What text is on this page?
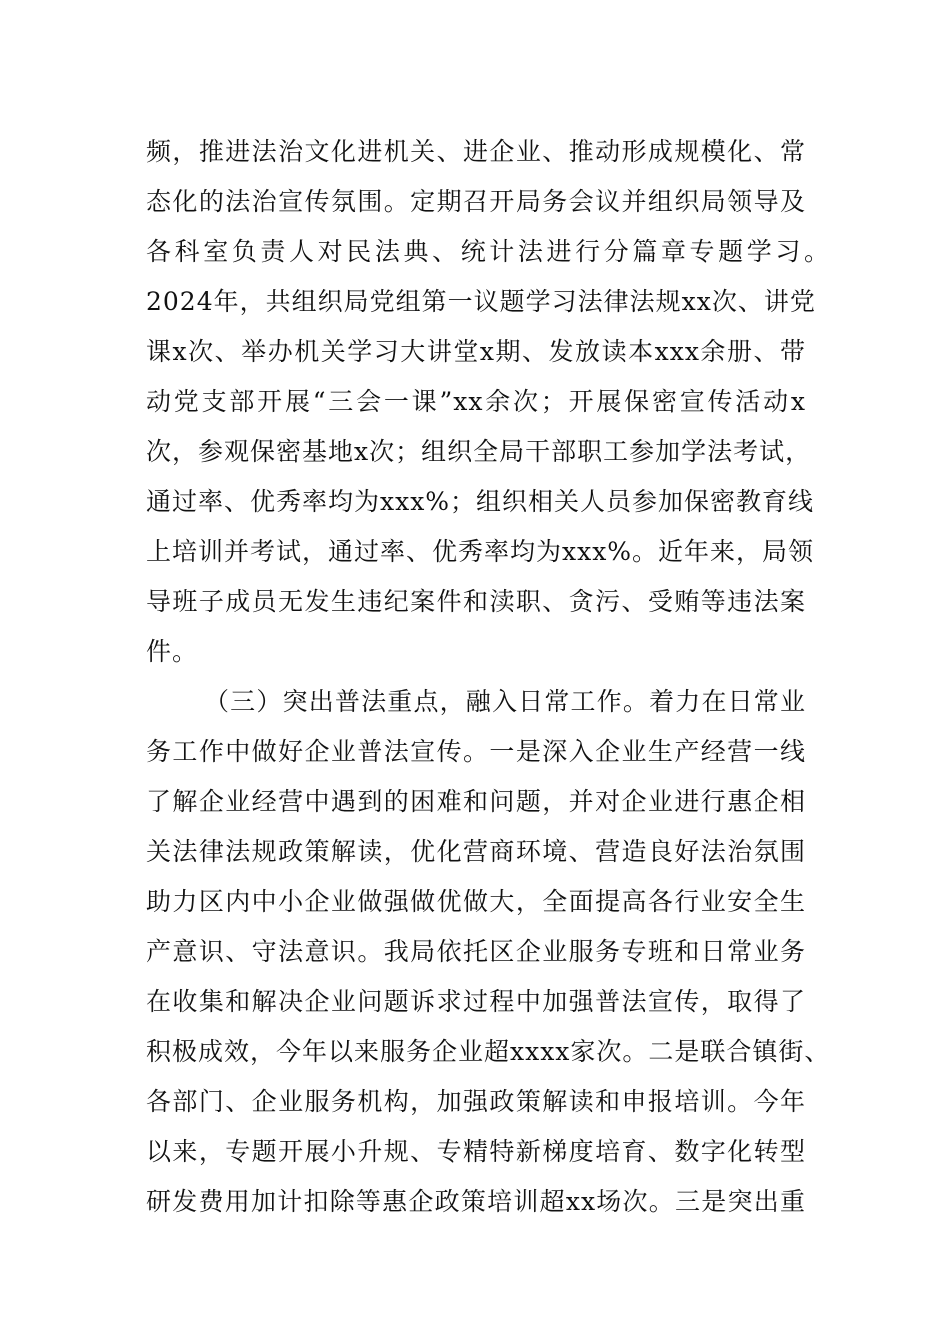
频，推进法治文化进机关、进企业、推动形成规模化、常
态化的法治宣传氛围。定期召开局务会议并组织局领导及
各科室负责人对民法典、统计法进行分篇章专题学习。
2024年，共组织局党组第一议题学习法律法规xx次、讲党
课x次、举办机关学习大讲堂x期、发放读本xxx余册、带
动党支部开展“三会一课”xx余次；开展保密宣传活动x
次，参观保密基地x次；组织全局干部职工参加学法考试，
通过率、优秀率均为xxx%；组织相关人员参加保密教育线
上培训并考试，通过率、优秀率均为xxx%。近年来，局领
导班子成员无发生违纪案件和渎职、贪污、受贿等违法案
件。
（三）突出普法重点，融入日常工作。着力在日常业
务工作中做好企业普法宣传。一是深入企业生产经营一线
了解企业经营中遇到的困难和问题，并对企业进行惠企相
关法律法规政策解读，优化营商环境、营造良好法治氛围
助力区内中小企业做强做优做大，全面提高各行业安全生
产意识、守法意识。我局依托区企业服务专班和日常业务
在收集和解决企业问题诉求过程中加强普法宣传，取得了
积极成效，今年以来服务企业超xxxx家次。二是联合镇街、
各部门、企业服务机构，加强政策解读和申报培训。今年
以来，专题开展小升规、专精特新梯度培育、数字化转型
研发费用加计扣除等惠企政策培训超xx场次。三是突出重
